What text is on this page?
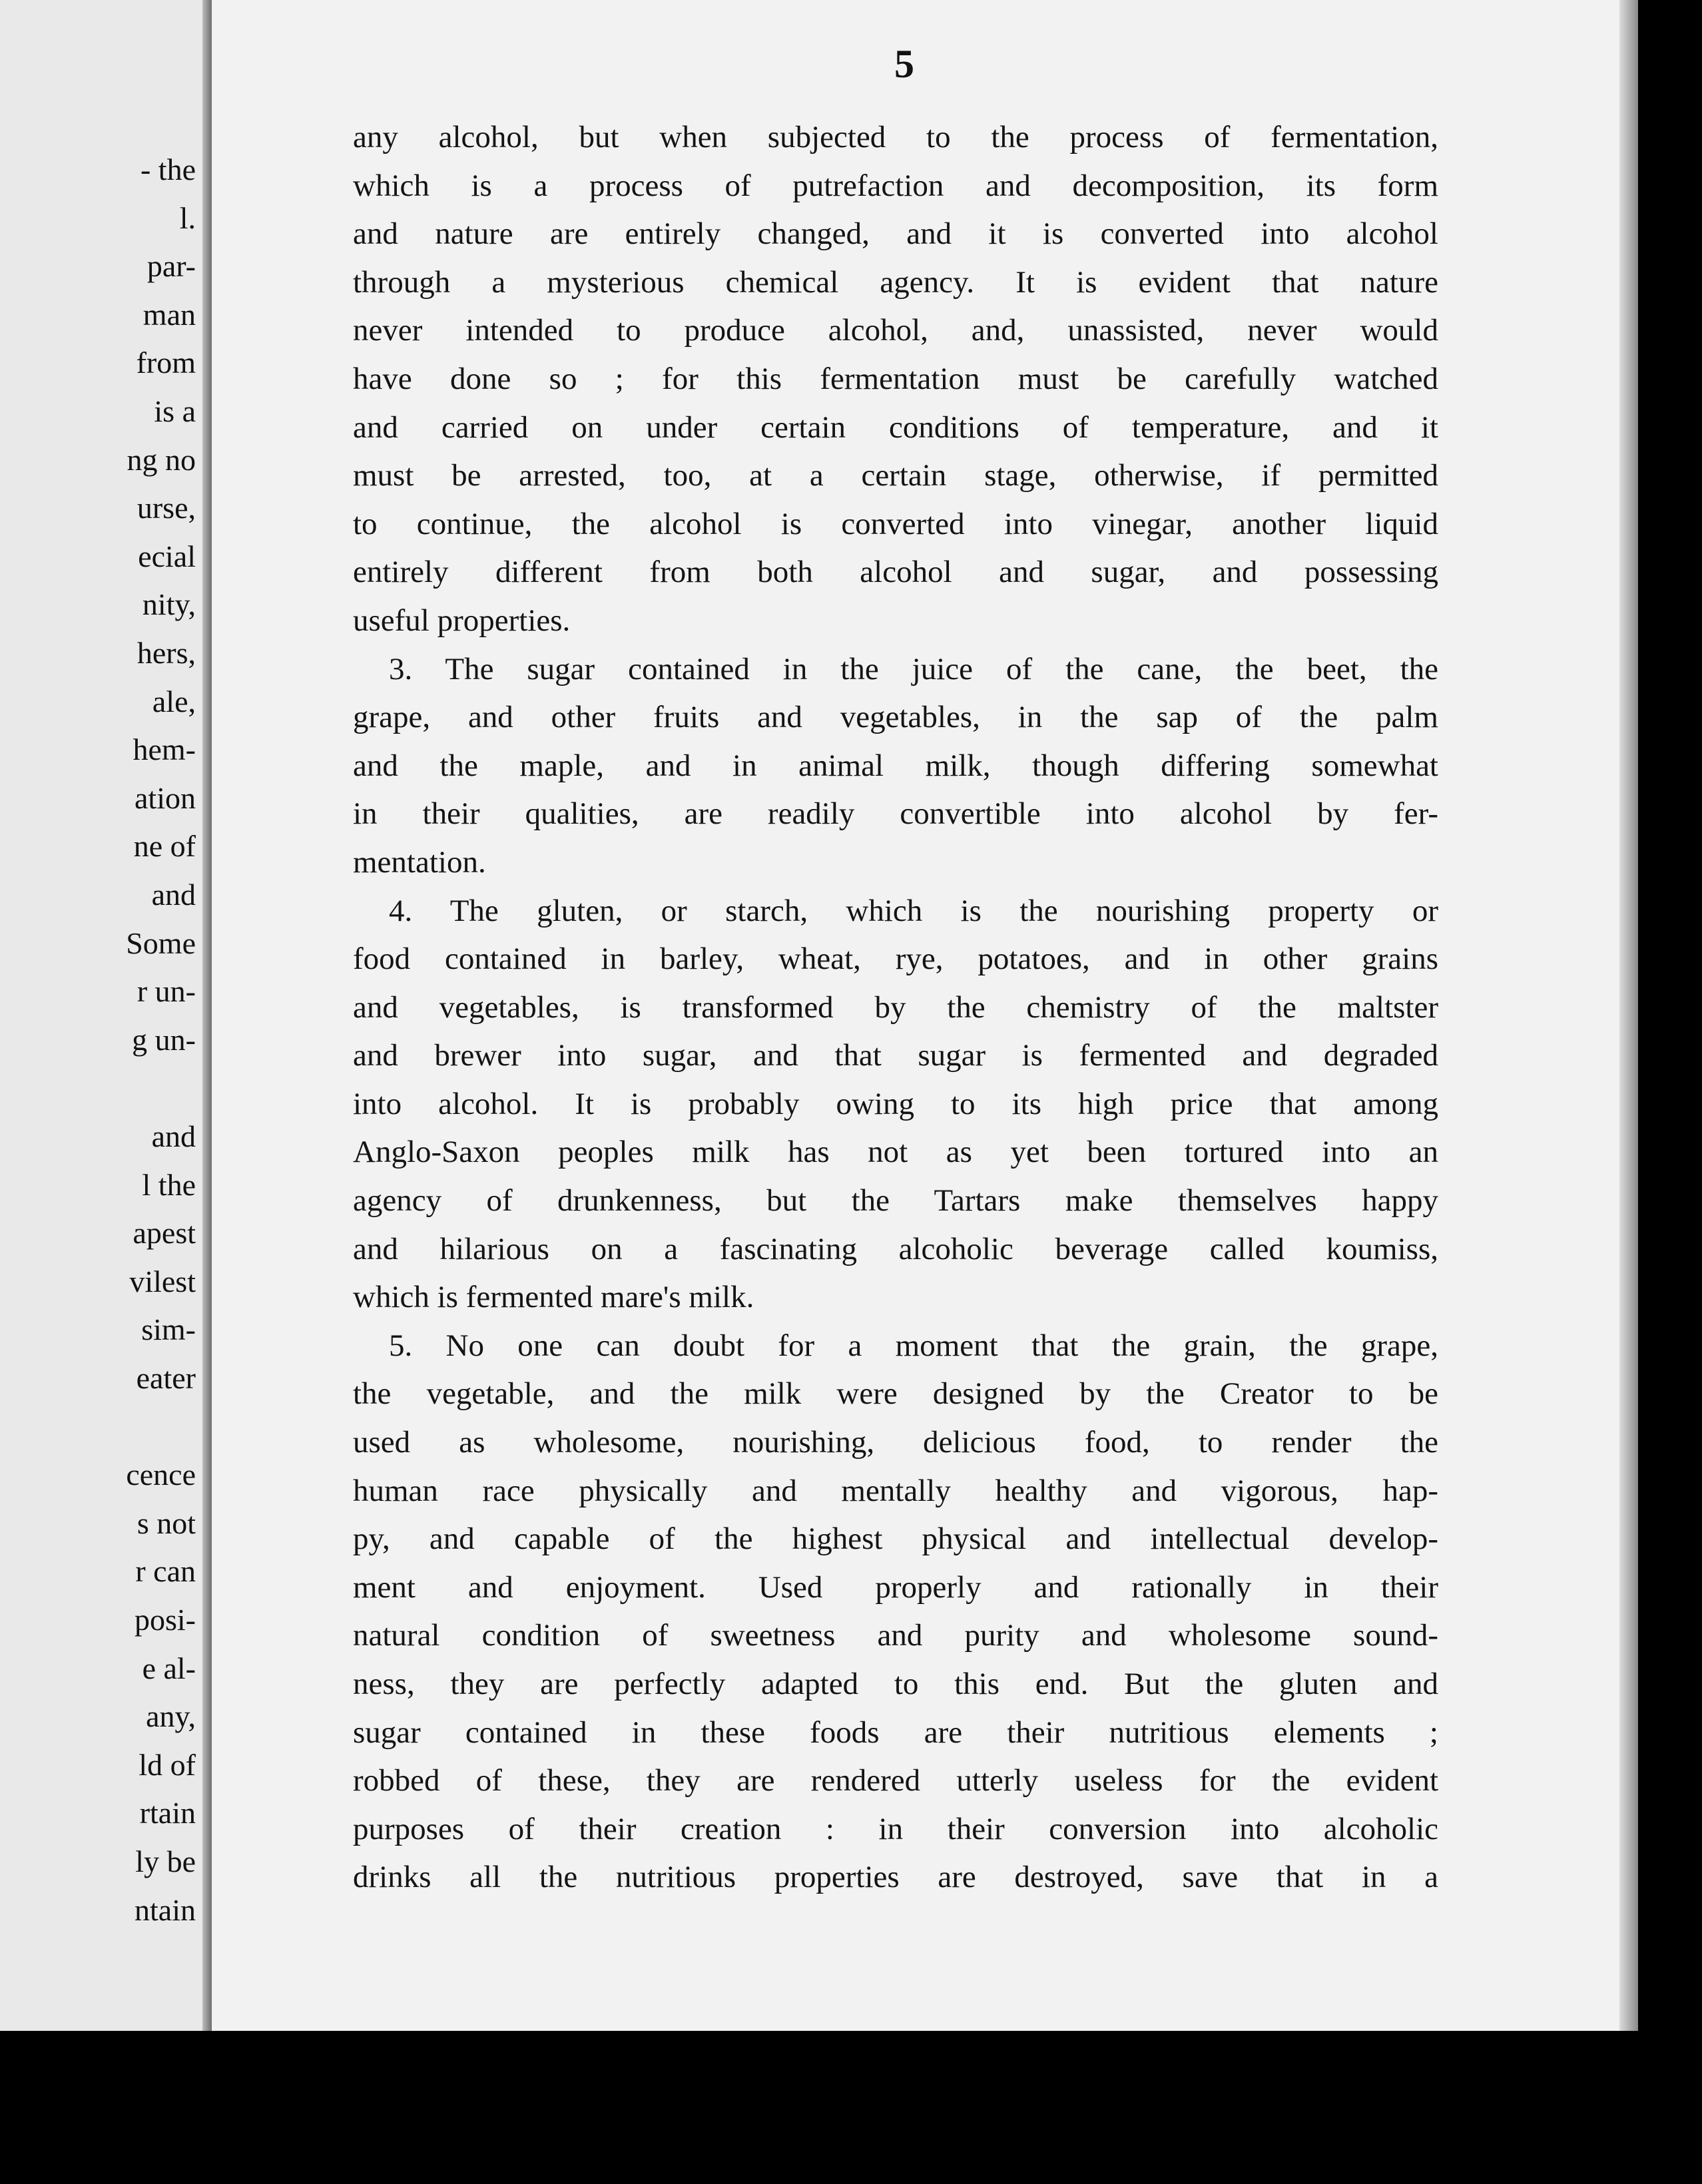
- the
l.
par-
man
from
is a
ng no
urse,
ecial
nity,
hers,
ale,
hem-
ation
ne of
and
Some
r un-
g un-
and
l the
apest
vilest
sim-
eater
cence
s not
r can
posi-
e al-
any,
ld of
rtain
ly be
ntain
5
any alcohol, but when subjected to the process of fermentation,
which is a process of putrefaction and decomposition, its form
and nature are entirely changed, and it is converted into alcohol
through a mysterious chemical agency. It is evident that nature
never intended to produce alcohol, and, unassisted, never would
have done so ; for this fermentation must be carefully watched
and carried on under certain conditions of temperature, and it
must be arrested, too, at a certain stage, otherwise, if permitted
to continue, the alcohol is converted into vinegar, another liquid
entirely different from both alcohol and sugar, and possessing
useful properties.
3. The sugar contained in the juice of the cane, the beet, the
grape, and other fruits and vegetables, in the sap of the palm
and the maple, and in animal milk, though differing somewhat
in their qualities, are readily convertible into alcohol by fer-
mentation.
4. The gluten, or starch, which is the nourishing property or
food contained in barley, wheat, rye, potatoes, and in other grains
and vegetables, is transformed by the chemistry of the maltster
and brewer into sugar, and that sugar is fermented and degraded
into alcohol. It is probably owing to its high price that among
Anglo-Saxon peoples milk has not as yet been tortured into an
agency of drunkenness, but the Tartars make themselves happy
and hilarious on a fascinating alcoholic beverage called koumiss,
which is fermented mare's milk.
5. No one can doubt for a moment that the grain, the grape,
the vegetable, and the milk were designed by the Creator to be
used as wholesome, nourishing, delicious food, to render the
human race physically and mentally healthy and vigorous, hap-
py, and capable of the highest physical and intellectual develop-
ment and enjoyment. Used properly and rationally in their
natural condition of sweetness and purity and wholesome sound-
ness, they are perfectly adapted to this end. But the gluten and
sugar contained in these foods are their nutritious elements ;
robbed of these, they are rendered utterly useless for the evident
purposes of their creation : in their conversion into alcoholic
drinks all the nutritious properties are destroyed, save that in a
